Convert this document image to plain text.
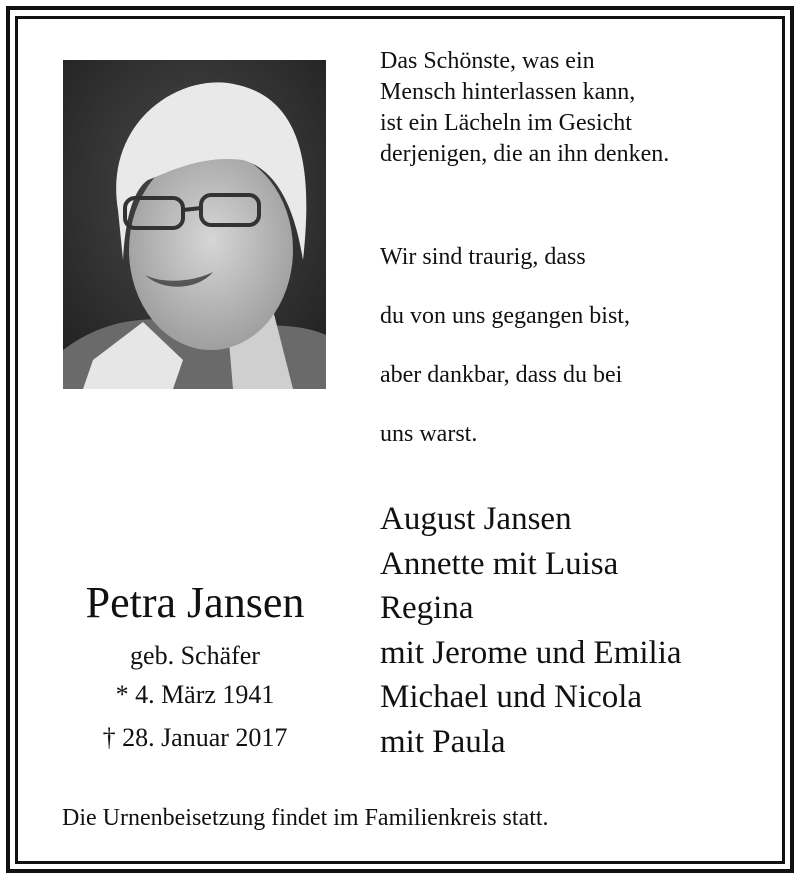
Das Schönste, was ein
Mensch hinterlassen kann,
ist ein Lächeln im Gesicht
derjenigen, die an ihn denken.
Wir sind traurig, dass
du von uns gegangen bist,
aber dankbar, dass du bei
uns warst.
August Jansen
Annette mit Luisa
Regina
mit Jerome und Emilia
Michael und Nicola
mit Paula
Petra Jansen
geb. Schäfer
* 4. März 1941
† 28. Januar 2017
Die Urnenbeisetzung findet im Familienkreis statt.
